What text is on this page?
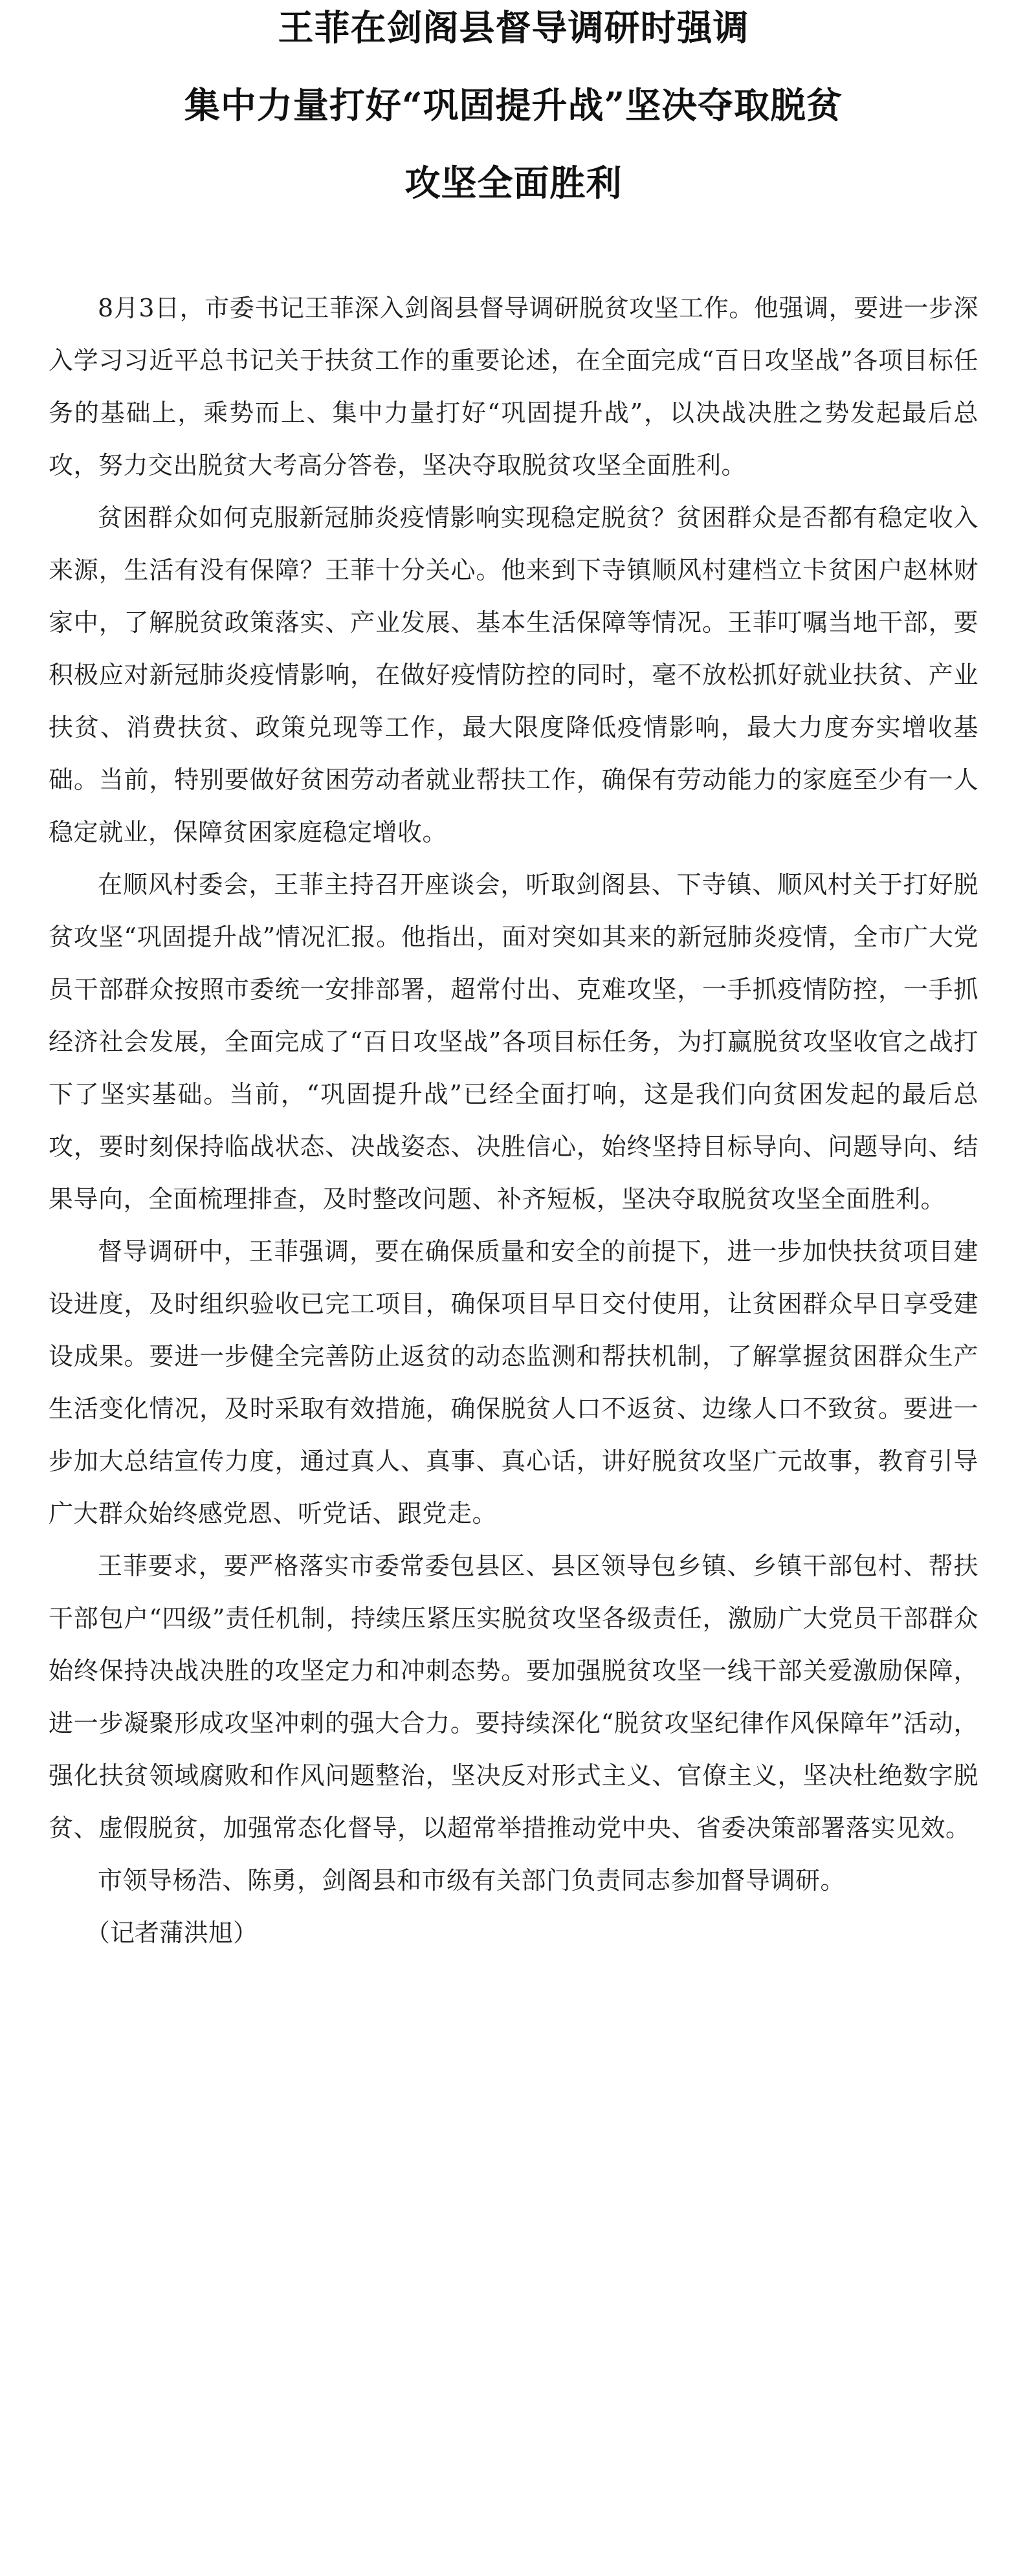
王菲在剑阁县督导调研时强调
集中力量打好“巩固提升战”坚决夺取脱贫
攻坚全面胜利

8月3日，市委书记王菲深入剑阁县督导调研脱贫攻坚工作。他强调，要进一步深入学习习近平总书记关于扶贫工作的重要论述，在全面完成“百日攻坚战”各项目标任务的基础上，乘势而上、集中力量打好“巩固提升战”，以决战决胜之势发起最后总攻，努力交出脱贫大考高分答卷，坚决夺取脱贫攻坚全面胜利。

贫困群众如何克服新冠肺炎疫情影响实现稳定脱贫？贫困群众是否都有稳定收入来源，生活有没有保障？王菲十分关心。他来到下寺镇顺风村建档立卡贫困户赵林财家中，了解脱贫政策落实、产业发展、基本生活保障等情况。王菲叮嘱当地干部，要积极应对新冠肺炎疫情影响，在做好疫情防控的同时，毫不放松抓好就业扶贫、产业扶贫、消费扶贫、政策兑现等工作，最大限度降低疫情影响，最大力度夯实增收基础。当前，特别要做好贫困劳动者就业帮扶工作，确保有劳动能力的家庭至少有一人稳定就业，保障贫困家庭稳定增收。

在顺风村委会，王菲主持召开座谈会，听取剑阁县、下寺镇、顺风村关于打好脱贫攻坚“巩固提升战”情况汇报。他指出，面对突如其来的新冠肺炎疫情，全市广大党员干部群众按照市委统一安排部署，超常付出、克难攻坚，一手抓疫情防控，一手抓经济社会发展，全面完成了“百日攻坚战”各项目标任务，为打赢脱贫攻坚收官之战打下了坚实基础。当前，“巩固提升战”已经全面打响，这是我们向贫困发起的最后总攻，要时刻保持临战状态、决战姿态、决胜信心，始终坚持目标导向、问题导向、结果导向，全面梳理排查，及时整改问题、补齐短板，坚决夺取脱贫攻坚全面胜利。

督导调研中，王菲强调，要在确保质量和安全的前提下，进一步加快扶贫项目建设进度，及时组织验收已完工项目，确保项目早日交付使用，让贫困群众早日享受建设成果。要进一步健全完善防止返贫的动态监测和帮扶机制，了解掌握贫困群众生产生活变化情况，及时采取有效措施，确保脱贫人口不返贫、边缘人口不致贫。要进一步加大总结宣传力度，通过真人、真事、真心话，讲好脱贫攻坚广元故事，教育引导广大群众始终感党恩、听党话、跟党走。

王菲要求，要严格落实市委常委包县区、县区领导包乡镇、乡镇干部包村、帮扶干部包户“四级”责任机制，持续压紧压实脱贫攻坚各级责任，激励广大党员干部群众始终保持决战决胜的攻坚定力和冲刺态势。要加强脱贫攻坚一线干部关爱激励保障，进一步凝聚形成攻坚冲刺的强大合力。要持续深化“脱贫攻坚纪律作风保障年”活动，强化扶贫领域腐败和作风问题整治，坚决反对形式主义、官僚主义，坚决杜绝数字脱贫、虚假脱贫，加强常态化督导，以超常举措推动党中央、省委决策部署落实见效。

市领导杨浩、陈勇，剑阁县和市级有关部门负责同志参加督导调研。

（记者蒲洪旭）
